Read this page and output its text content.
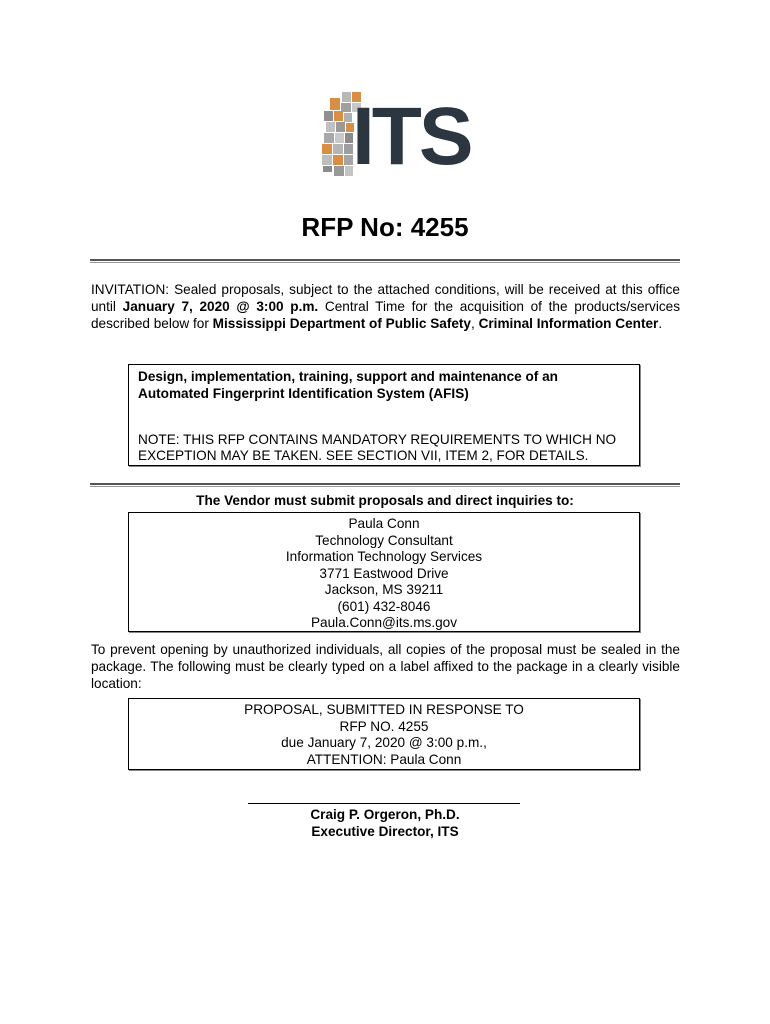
ITS
RFP No: 4255
INVITATION: Sealed proposals, subject to the attached conditions, will be received at this office until January 7, 2020 @ 3:00 p.m. Central Time for the acquisition of the products/services described below for Mississippi Department of Public Safety, Criminal Information Center.
Design, implementation, training, support and maintenance of an
Automated Fingerprint Identification System (AFIS)
NOTE: THIS RFP CONTAINS MANDATORY REQUIREMENTS TO WHICH NO
EXCEPTION MAY BE TAKEN. SEE SECTION VII, ITEM 2, FOR DETAILS.
The Vendor must submit proposals and direct inquiries to:
Paula Conn
Technology Consultant
Information Technology Services
3771 Eastwood Drive
Jackson, MS 39211
(601) 432-8046
Paula.Conn@its.ms.gov
To prevent opening by unauthorized individuals, all copies of the proposal must be sealed in the package. The following must be clearly typed on a label affixed to the package in a clearly visible location:
PROPOSAL, SUBMITTED IN RESPONSE TO
RFP NO. 4255
due January 7, 2020 @ 3:00 p.m.,
ATTENTION: Paula Conn
Craig P. Orgeron, Ph.D.
Executive Director, ITS
